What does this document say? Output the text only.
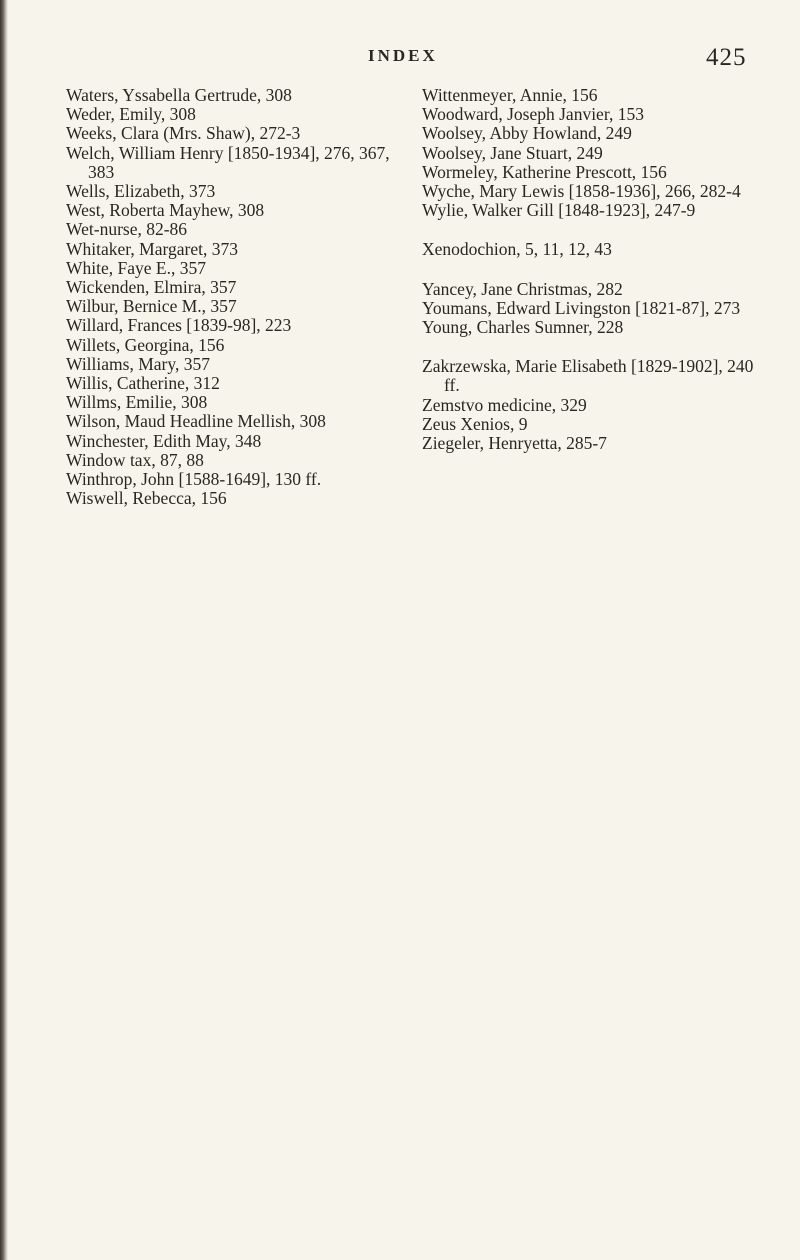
INDEX	425

Waters, Yssabella Gertrude, 308

Weder, Emily, 308

Weeks, Clara (Mrs. Shaw), 272-3

Welch, William Henry [1850-1934], 276, 367, 383

Wells, Elizabeth, 373

West, Roberta Mayhew, 308

Wet-nurse, 82-86

Whitaker, Margaret, 373

White, Faye E., 357

Wickenden, Elmira, 357

Wilbur, Bernice M., 357

Willard, Frances [1839-98], 223

Willets, Georgina, 156

Williams, Mary, 357

Willis, Catherine, 312

Willms, Emilie, 308

Wilson, Maud Headline Mellish, 308

Winchester, Edith May, 348

Window tax, 87, 88

Winthrop, John [1588-1649], 130 ff.

Wiswell, Rebecca, 156

Wittenmeyer, Annie, 156

Woodward, Joseph Janvier, 153

Woolsey, Abby Howland, 249

Woolsey, Jane Stuart, 249

Wormeley, Katherine Prescott, 156

Wyche, Mary Lewis [1858-1936], 266, 282-4

Wylie, Walker Gill [1848-1923], 247-9

Xenodochion, 5, 11, 12, 43

Yancey, Jane Christmas, 282

Youmans, Edward Livingston [1821-87], 273

Young, Charles Sumner, 228

Zakrzewska, Marie Elisabeth [1829-1902], 240 ff.

Zemstvo medicine, 329

Zeus Xenios, 9

Ziegeler, Henryetta, 285-7
